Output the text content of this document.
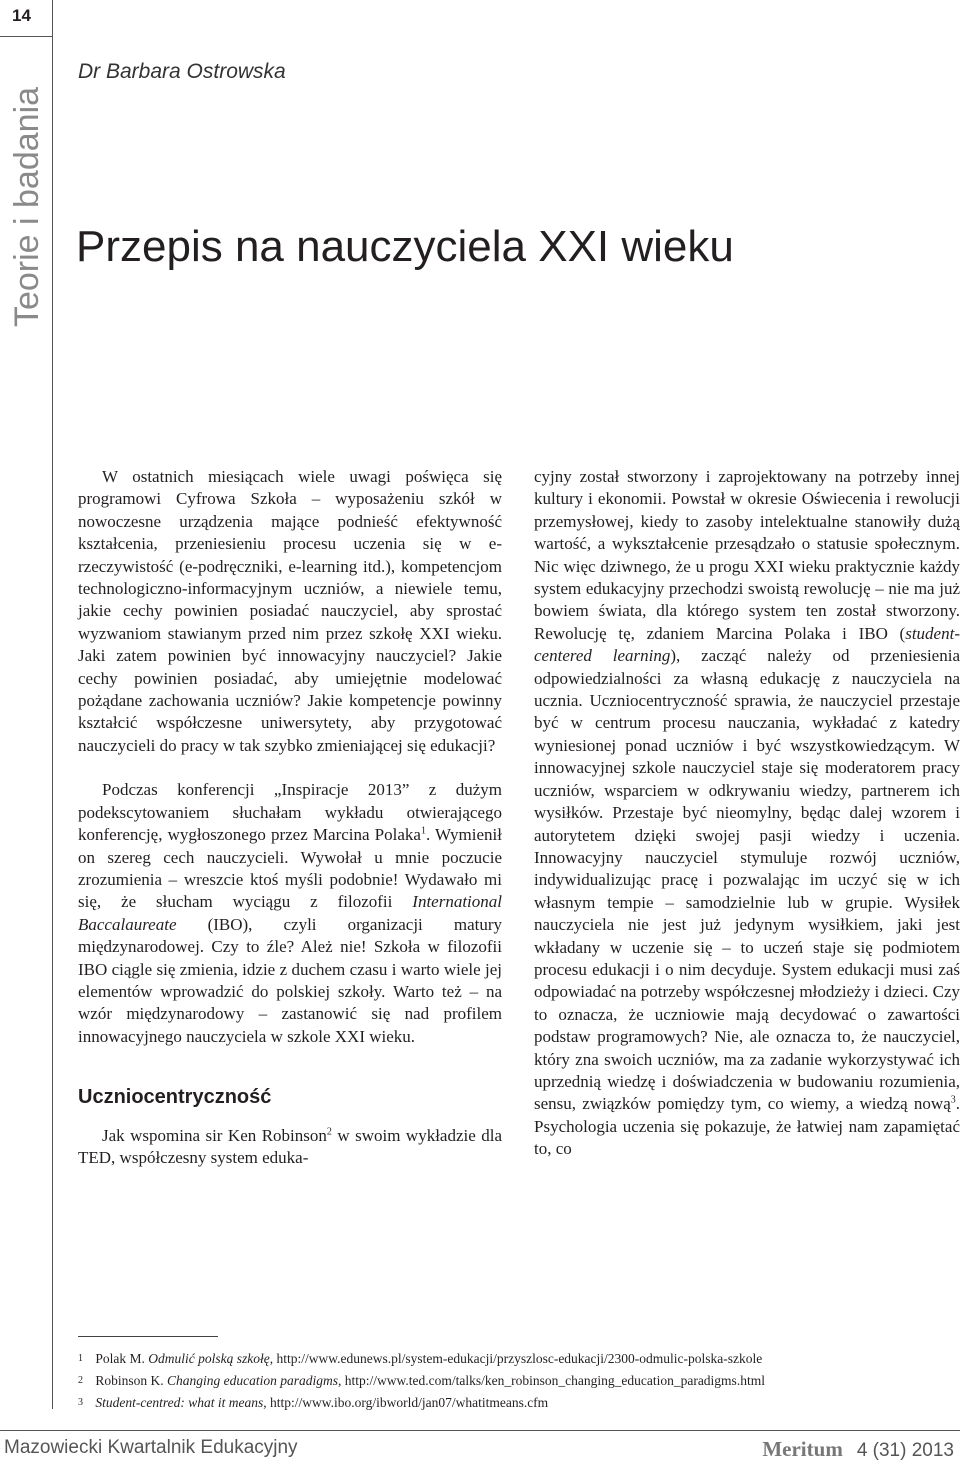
14
Teorie i badania
Dr Barbara Ostrowska
Przepis na nauczyciela XXI wieku

W ostatnich miesiącach wiele uwagi poświęca się programowi Cyfrowa Szkoła – wyposażeniu szkół w nowoczesne urządzenia mające podnieść efektywność kształcenia, przeniesieniu procesu uczenia się w e-rzeczywistość (e-podręczniki, e-learning itd.), kompetencjom technologiczno-informacyjnym uczniów, a niewiele temu, jakie cechy powinien posiadać nauczyciel, aby sprostać wyzwaniom stawianym przed nim przez szkołę XXI wieku. Jaki zatem powinien być innowacyjny nauczyciel? Jakie cechy powinien posiadać, aby umiejętnie modelować pożądane zachowania uczniów? Jakie kompetencje powinny kształcić współczesne uniwersytety, aby przygotować nauczycieli do pracy w tak szybko zmieniającej się edukacji?

Podczas konferencji „Inspiracje 2013” z dużym podekscytowaniem słuchałam wykładu otwierającego konferencję, wygłoszonego przez Marcina Polaka$^1$. Wymienił on szereg cech nauczycieli. Wywołał u mnie poczucie zrozumienia – wreszcie ktoś myśli podobnie! Wydawało mi się, że słucham wyciągu z filozofii International Baccalaureate (IBO), czyli organizacji matury międzynarodowej. Czy to źle? Ależ nie! Szkoła w filozofii IBO ciągle się zmienia, idzie z duchem czasu i warto wiele jej elementów wprowadzić do polskiej szkoły. Warto też – na wzór międzynarodowy – zastanowić się nad profilem innowacyjnego nauczyciela w szkole XXI wieku.

Uczniocentryczność

Jak wspomina sir Ken Robinson$^2$ w swoim wykładzie dla TED, współczesny system eduka-

cyjny został stworzony i zaprojektowany na potrzeby innej kultury i ekonomii. Powstał w okresie Oświecenia i rewolucji przemysłowej, kiedy to zasoby intelektualne stanowiły dużą wartość, a wykształcenie przesądzało o statusie społecznym. Nic więc dziwnego, że u progu XXI wieku praktycznie każdy system edukacyjny przechodzi swoistą rewolucję – nie ma już bowiem świata, dla którego system ten został stworzony. Rewolucję tę, zdaniem Marcina Polaka i IBO (student-centered learning), zacząć należy od przeniesienia odpowiedzialności za własną edukację z nauczyciela na ucznia. Uczniocentryczność sprawia, że nauczyciel przestaje być w centrum procesu nauczania, wykładać z katedry wyniesionej ponad uczniów i być wszystkowiedzącym. W innowacyjnej szkole nauczyciel staje się moderatorem pracy uczniów, wsparciem w odkrywaniu wiedzy, partnerem ich wysiłków. Przestaje być nieomylny, będąc dalej wzorem i autorytetem dzięki swojej pasji wiedzy i uczenia. Innowacyjny nauczyciel stymuluje rozwój uczniów, indywidualizując pracę i pozwalając im uczyć się w ich własnym tempie – samodzielnie lub w grupie. Wysiłek nauczyciela nie jest już jedynym wysiłkiem, jaki jest wkładany w uczenie się – to uczeń staje się podmiotem procesu edukacji i o nim decyduje. System edukacji musi zaś odpowiadać na potrzeby współczesnej młodzieży i dzieci. Czy to oznacza, że uczniowie mają decydować o zawartości podstaw programowych? Nie, ale oznacza to, że nauczyciel, który zna swoich uczniów, ma za zadanie wykorzystywać ich uprzednią wiedzę i doświadczenia w budowaniu rozumienia, sensu, związków pomiędzy tym, co wiemy, a wiedzą nową$^3$. Psychologia uczenia się pokazuje, że łatwiej nam zapamiętać to, co

1 Polak M. Odmulić polską szkołę, http://www.edunews.pl/system-edukacji/przyszlosc-edukacji/2300-odmulic-polska-szkole
2 Robinson K. Changing education paradigms, http://www.ted.com/talks/ken_robinson_changing_education_paradigms.html
3 Student-centred: what it means, http://www.ibo.org/ibworld/jan07/whatitmeans.cfm
Mazowiecki Kwartalnik Edukacyjny	Meritum 4 (31) 2013
